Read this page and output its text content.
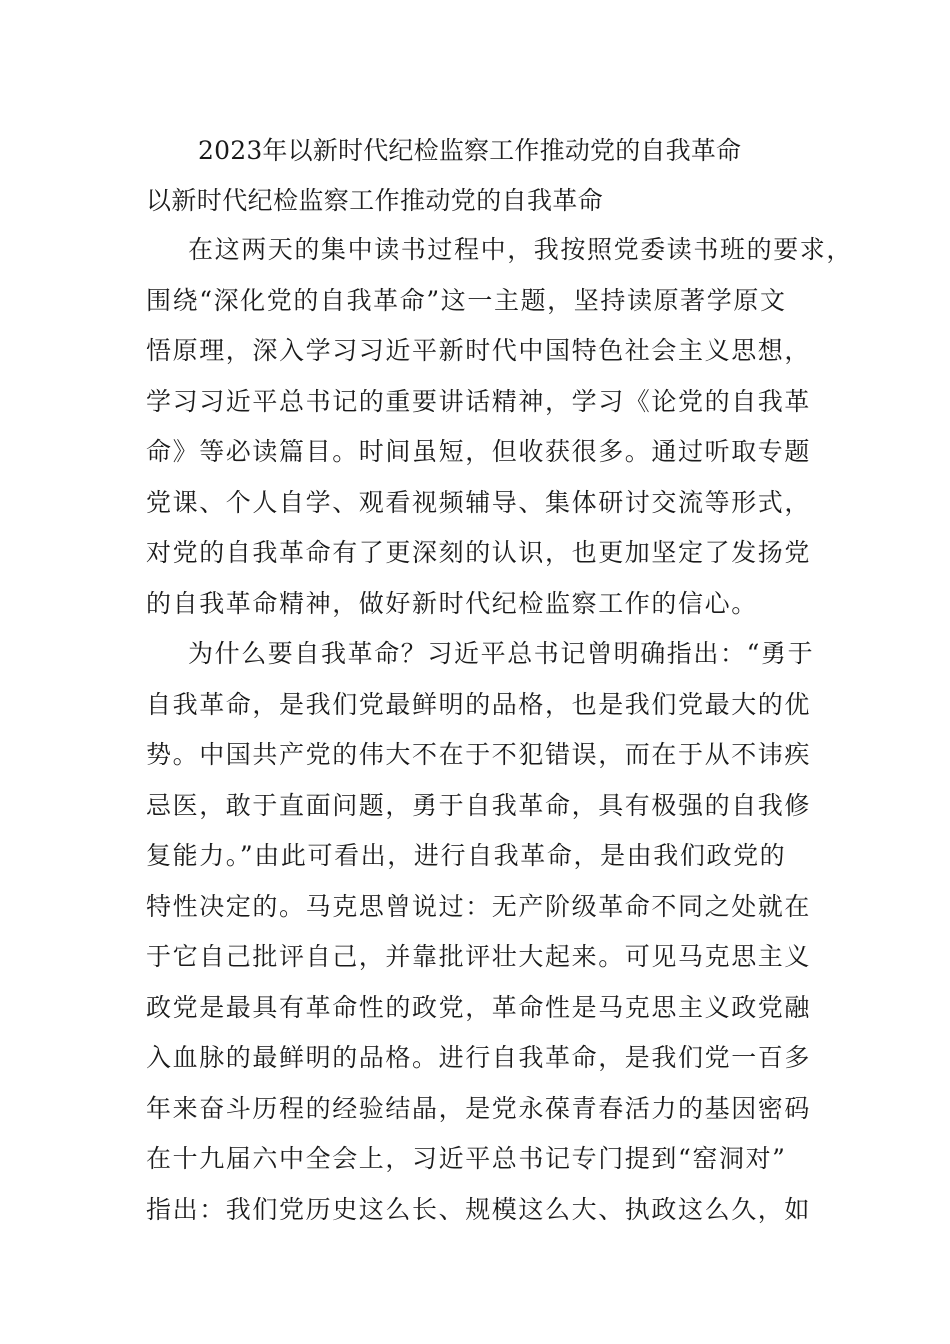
2023年以新时代纪检监察工作推动党的自我革命
以新时代纪检监察工作推动党的自我革命
在这两天的集中读书过程中，我按照党委读书班的要求，
围绕“深化党的自我革命”这一主题，坚持读原著学原文
悟原理，深入学习习近平新时代中国特色社会主义思想，
学习习近平总书记的重要讲话精神，学习《论党的自我革
命》等必读篇目。时间虽短，但收获很多。通过听取专题
党课、个人自学、观看视频辅导、集体研讨交流等形式，
对党的自我革命有了更深刻的认识，也更加坚定了发扬党
的自我革命精神，做好新时代纪检监察工作的信心。
为什么要自我革命？习近平总书记曾明确指出：“勇于
自我革命，是我们党最鲜明的品格，也是我们党最大的优
势。中国共产党的伟大不在于不犯错误，而在于从不讳疾
忌医，敢于直面问题，勇于自我革命，具有极强的自我修
复能力。”由此可看出，进行自我革命，是由我们政党的
特性决定的。马克思曾说过：无产阶级革命不同之处就在
于它自己批评自己，并靠批评壮大起来。可见马克思主义
政党是最具有革命性的政党，革命性是马克思主义政党融
入血脉的最鲜明的品格。进行自我革命，是我们党一百多
年来奋斗历程的经验结晶，是党永葆青春活力的基因密码
在十九届六中全会上，习近平总书记专门提到“窑洞对”
指出：我们党历史这么长、规模这么大、执政这么久，如
